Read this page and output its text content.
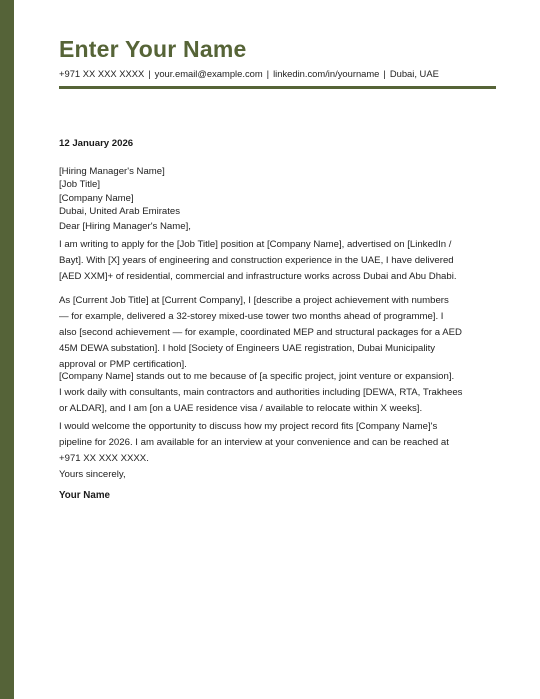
Enter Your Name
+971 XX XXX XXXX | your.email@example.com | linkedin.com/in/yourname | Dubai, UAE
12 January 2026
[Hiring Manager's Name]
[Job Title]
[Company Name]
Dubai, United Arab Emirates
Dear [Hiring Manager's Name],
I am writing to apply for the [Job Title] position at [Company Name], advertised on [LinkedIn /
Bayt]. With [X] years of engineering and construction experience in the UAE, I have delivered
[AED XXM]+ of residential, commercial and infrastructure works across Dubai and Abu Dhabi.
As [Current Job Title] at [Current Company], I [describe a project achievement with numbers
— for example, delivered a 32-storey mixed-use tower two months ahead of programme]. I
also [second achievement — for example, coordinated MEP and structural packages for a AED
45M DEWA substation]. I hold [Society of Engineers UAE registration, Dubai Municipality
approval or PMP certification].
[Company Name] stands out to me because of [a specific project, joint venture or expansion].
I work daily with consultants, main contractors and authorities including [DEWA, RTA, Trakhees
or ALDAR], and I am [on a UAE residence visa / available to relocate within X weeks].
I would welcome the opportunity to discuss how my project record fits [Company Name]'s
pipeline for 2026. I am available for an interview at your convenience and can be reached at
+971 XX XXX XXXX.
Yours sincerely,
Your Name
